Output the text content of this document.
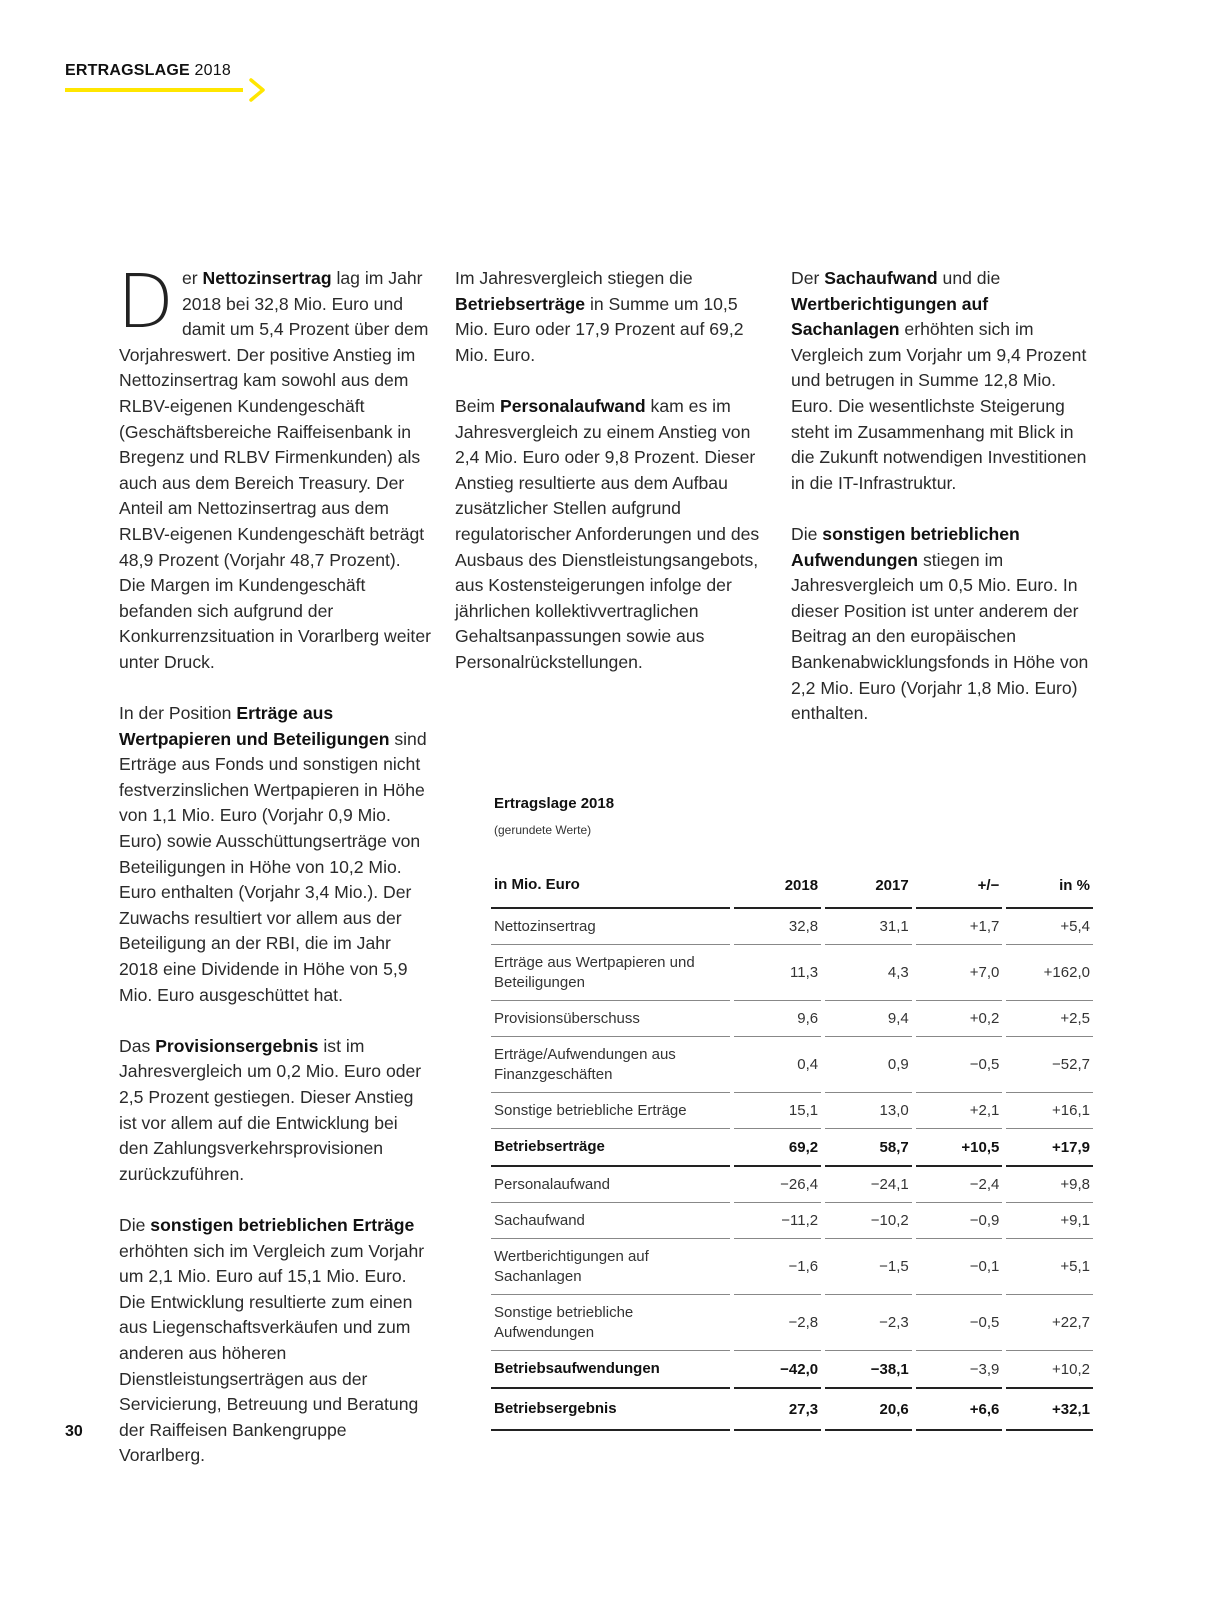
ERTRAGSLAGE 2018

Der Nettozinsertrag lag im Jahr 2018 bei 32,8 Mio. Euro und damit um 5,4 Prozent über dem Vorjahreswert. Der positive Anstieg im Nettozinsertrag kam sowohl aus dem RLBV-eigenen Kundengeschäft (Geschäftsbereiche Raiffeisenbank in Bregenz und RLBV Firmenkunden) als auch aus dem Bereich Treasury. Der Anteil am Nettozinsertrag aus dem RLBV-eigenen Kundengeschäft beträgt 48,9 Prozent (Vorjahr 48,7 Prozent). Die Margen im Kundengeschäft befanden sich aufgrund der Konkurrenzsituation in Vorarlberg weiter unter Druck.

In der Position Erträge aus Wertpapieren und Beteiligungen sind Erträge aus Fonds und sonstigen nicht festverzinslichen Wertpapieren in Höhe von 1,1 Mio. Euro (Vorjahr 0,9 Mio. Euro) sowie Ausschüttungserträge von Beteiligungen in Höhe von 10,2 Mio. Euro enthalten (Vorjahr 3,4 Mio.). Der Zuwachs resultiert vor allem aus der Beteiligung an der RBI, die im Jahr 2018 eine Dividende in Höhe von 5,9 Mio. Euro ausgeschüttet hat.

Das Provisionsergebnis ist im Jahresvergleich um 0,2 Mio. Euro oder 2,5 Prozent gestiegen. Dieser Anstieg ist vor allem auf die Entwicklung bei den Zahlungsverkehrsprovisionen zurückzuführen.

Die sonstigen betrieblichen Erträge erhöhten sich im Vergleich zum Vorjahr um 2,1 Mio. Euro auf 15,1 Mio. Euro. Die Entwicklung resultierte zum einen aus Liegenschaftsverkäufen und zum anderen aus höheren Dienstleistungserträgen aus der Servicierung, Betreuung und Beratung der Raiffeisen Bankengruppe Vorarlberg.

Im Jahresvergleich stiegen die Betriebserträge in Summe um 10,5 Mio. Euro oder 17,9 Prozent auf 69,2 Mio. Euro.

Beim Personalaufwand kam es im Jahresvergleich zu einem Anstieg von 2,4 Mio. Euro oder 9,8 Prozent. Dieser Anstieg resultierte aus dem Aufbau zusätzlicher Stellen aufgrund regulatorischer Anforderungen und des Ausbaus des Dienstleistungsangebots, aus Kostensteigerungen infolge der jährlichen kollektivvertraglichen Gehaltsanpassungen sowie aus Personalrückstellungen.

Der Sachaufwand und die Wertberichtigungen auf Sachanlagen erhöhten sich im Vergleich zum Vorjahr um 9,4 Prozent und betrugen in Summe 12,8 Mio. Euro. Die wesentlichste Steigerung steht im Zusammenhang mit Blick in die Zukunft notwendigen Investitionen in die IT-Infrastruktur.

Die sonstigen betrieblichen Aufwendungen stiegen im Jahresvergleich um 0,5 Mio. Euro. In dieser Position ist unter anderem der Beitrag an den europäischen Bankenabwicklungsfonds in Höhe von 2,2 Mio. Euro (Vorjahr 1,8 Mio. Euro) enthalten.

Ertragslage 2018
(gerundete Werte)
in Mio. Euro	2018	2017	+/−	in %
Nettozinsertrag	32,8	31,1	+1,7	+5,4
Erträge aus Wertpapieren und Beteiligungen
11,3	4,3	+7,0	+162,0
Provisionsüberschuss	9,6	9,4	+0,2	+2,5
Erträge/Aufwendungen aus Finanzgeschäften
0,4	0,9	−0,5	−52,7
Sonstige betriebliche Erträge	15,1	13,0	+2,1	+16,1
Betriebserträge	69,2	58,7	+10,5	+17,9
Personalaufwand	−26,4	−24,1	−2,4	+9,8
Sachaufwand	−11,2	−10,2	−0,9	+9,1
Wertberichtigungen auf Sachanlagen
−1,6	−1,5	−0,1	+5,1
Sonstige betriebliche Aufwendungen
−2,8	−2,3	−0,5	+22,7
Betriebsaufwendungen	−42,0	−38,1	−3,9	+10,2
Betriebsergebnis	27,3	20,6	+6,6	+32,1
30
